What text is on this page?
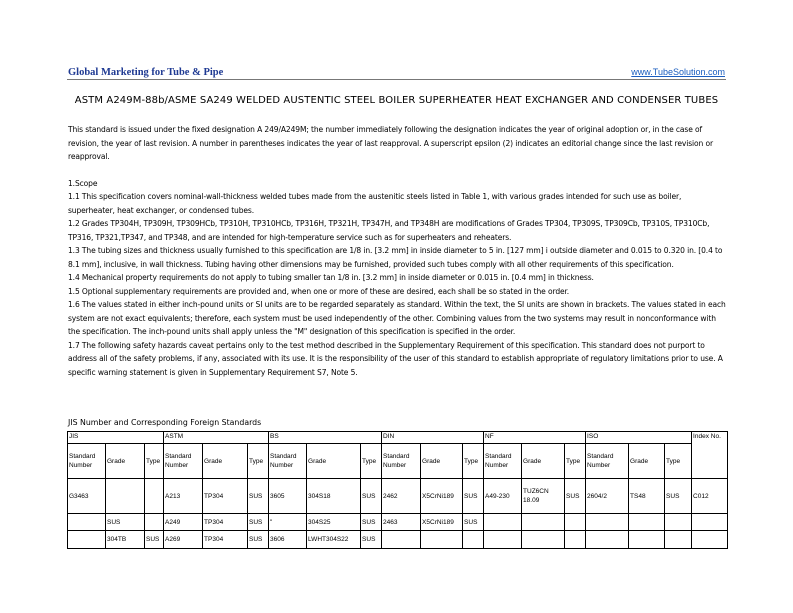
Global Marketing for Tube & Pipe	www.TubeSolution.com
ASTM A249M-88b/ASME SA249 WELDED AUSTENTIC STEEL BOILER SUPERHEATER HEAT EXCHANGER AND CONDENSER TUBES

This standard is issued under the fixed designation A 249/A249M; the number immediately following the designation indicates the year of original adoption or, in the case of revision, the year of last revision. A number in parentheses indicates the year of last reapproval. A superscript epsilon (2) indicates an editorial change since the last revision or reapproval.

1.Scope

1.1 This specification covers nominal-wall-thickness welded tubes made from the austenitic steels listed in Table 1, with various grades intended for such use as boiler, superheater, heat exchanger, or condensed tubes.

1.2 Grades TP304H, TP309H, TP309HCb, TP310H, TP310HCb, TP316H, TP321H, TP347H, and TP348H are modifications of Grades TP304, TP309S, TP309Cb, TP310S, TP310Cb, TP316, TP321,TP347, and TP348, and are intended for high-temperature service such as for superheaters and reheaters.

1.3 The tubing sizes and thickness usually furnished to this specification are 1/8 in. [3.2 mm] in inside diameter to 5 in. [127 mm] i outside diameter and 0.015 to 0.320 in. [0.4 to 8.1 mm], inclusive, in wall thickness. Tubing having other dimensions may be furnished, provided such tubes comply with all other requirements of this specification.

1.4 Mechanical property requirements do not apply to tubing smaller tan 1/8 in. [3.2 mm] in inside diameter or 0.015 in. [0.4 mm] in thickness.

1.5 Optional supplementary requirements are provided and, when one or more of these are desired, each shall be so stated in the order.

1.6 The values stated in either inch-pound units or SI units are to be regarded separately as standard. Within the text, the SI units are shown in brackets. The values stated in each system are not exact equivalents; therefore, each system must be used independently of the other. Combining values from the two systems may result in nonconformance with the specification. The inch-pound units shall apply unless the "M" designation of this specification is specified in the order.

1.7 The following safety hazards caveat pertains only to the test method described in the Supplementary Requirement of this specification. This standard does not purport to address all of the safety problems, if any, associated with its use. It is the responsibility of the user of this standard to establish appropriate of regulatory limitations prior to use. A specific warning statement is given in Supplementary Requirement S7, Note 5.

JIS Number and Corresponding Foreign Standards
JIS			ASTM			BS			DIN			NF			ISO			Index No.
Standard Number	Grade	Type	Standard Number	Grade	Type	Standard Number	Grade	Type	Standard Number	Grade	Type	Standard Number	Grade	Type	Standard Number	Grade	Type	
G3463			A213	TP304	SUS	3605	304S18	SUS	2462	X5CrNi189	SUS	A49-230	TUZ6CN 18.09	SUS	2604/2	TS48	SUS	C012
	SUS		A249	TP304	SUS	"	304S25	SUS	2463	X5CrNi189	SUS							
	304TB	SUS	A269	TP304	SUS	3606	LWHT304S22	SUS										
